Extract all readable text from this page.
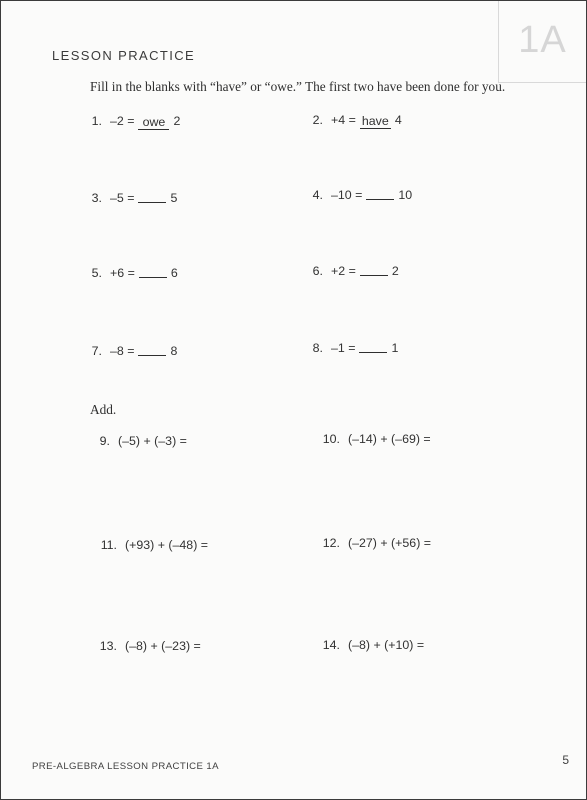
1A
LESSON PRACTICE
Fill in the blanks with “have” or “owe.” The first two have been done for you.
1. –2 = owe 2	2. +4 = have 4
3. –5 =	5	4. –10 =	10
5. +6 =	6	6. +2 =	2
7. –8 =	8	8. –1 =	1
Add.
9. (–5) + (–3) =	10. (–14) + (–69) =
11. (+93) + (–48) =	12. (–27) + (+56) =
13. (–8) + (–23) =	14. (–8) + (+10) =
PRE-ALGEBRA LESSON PRACTICE 1A	5
